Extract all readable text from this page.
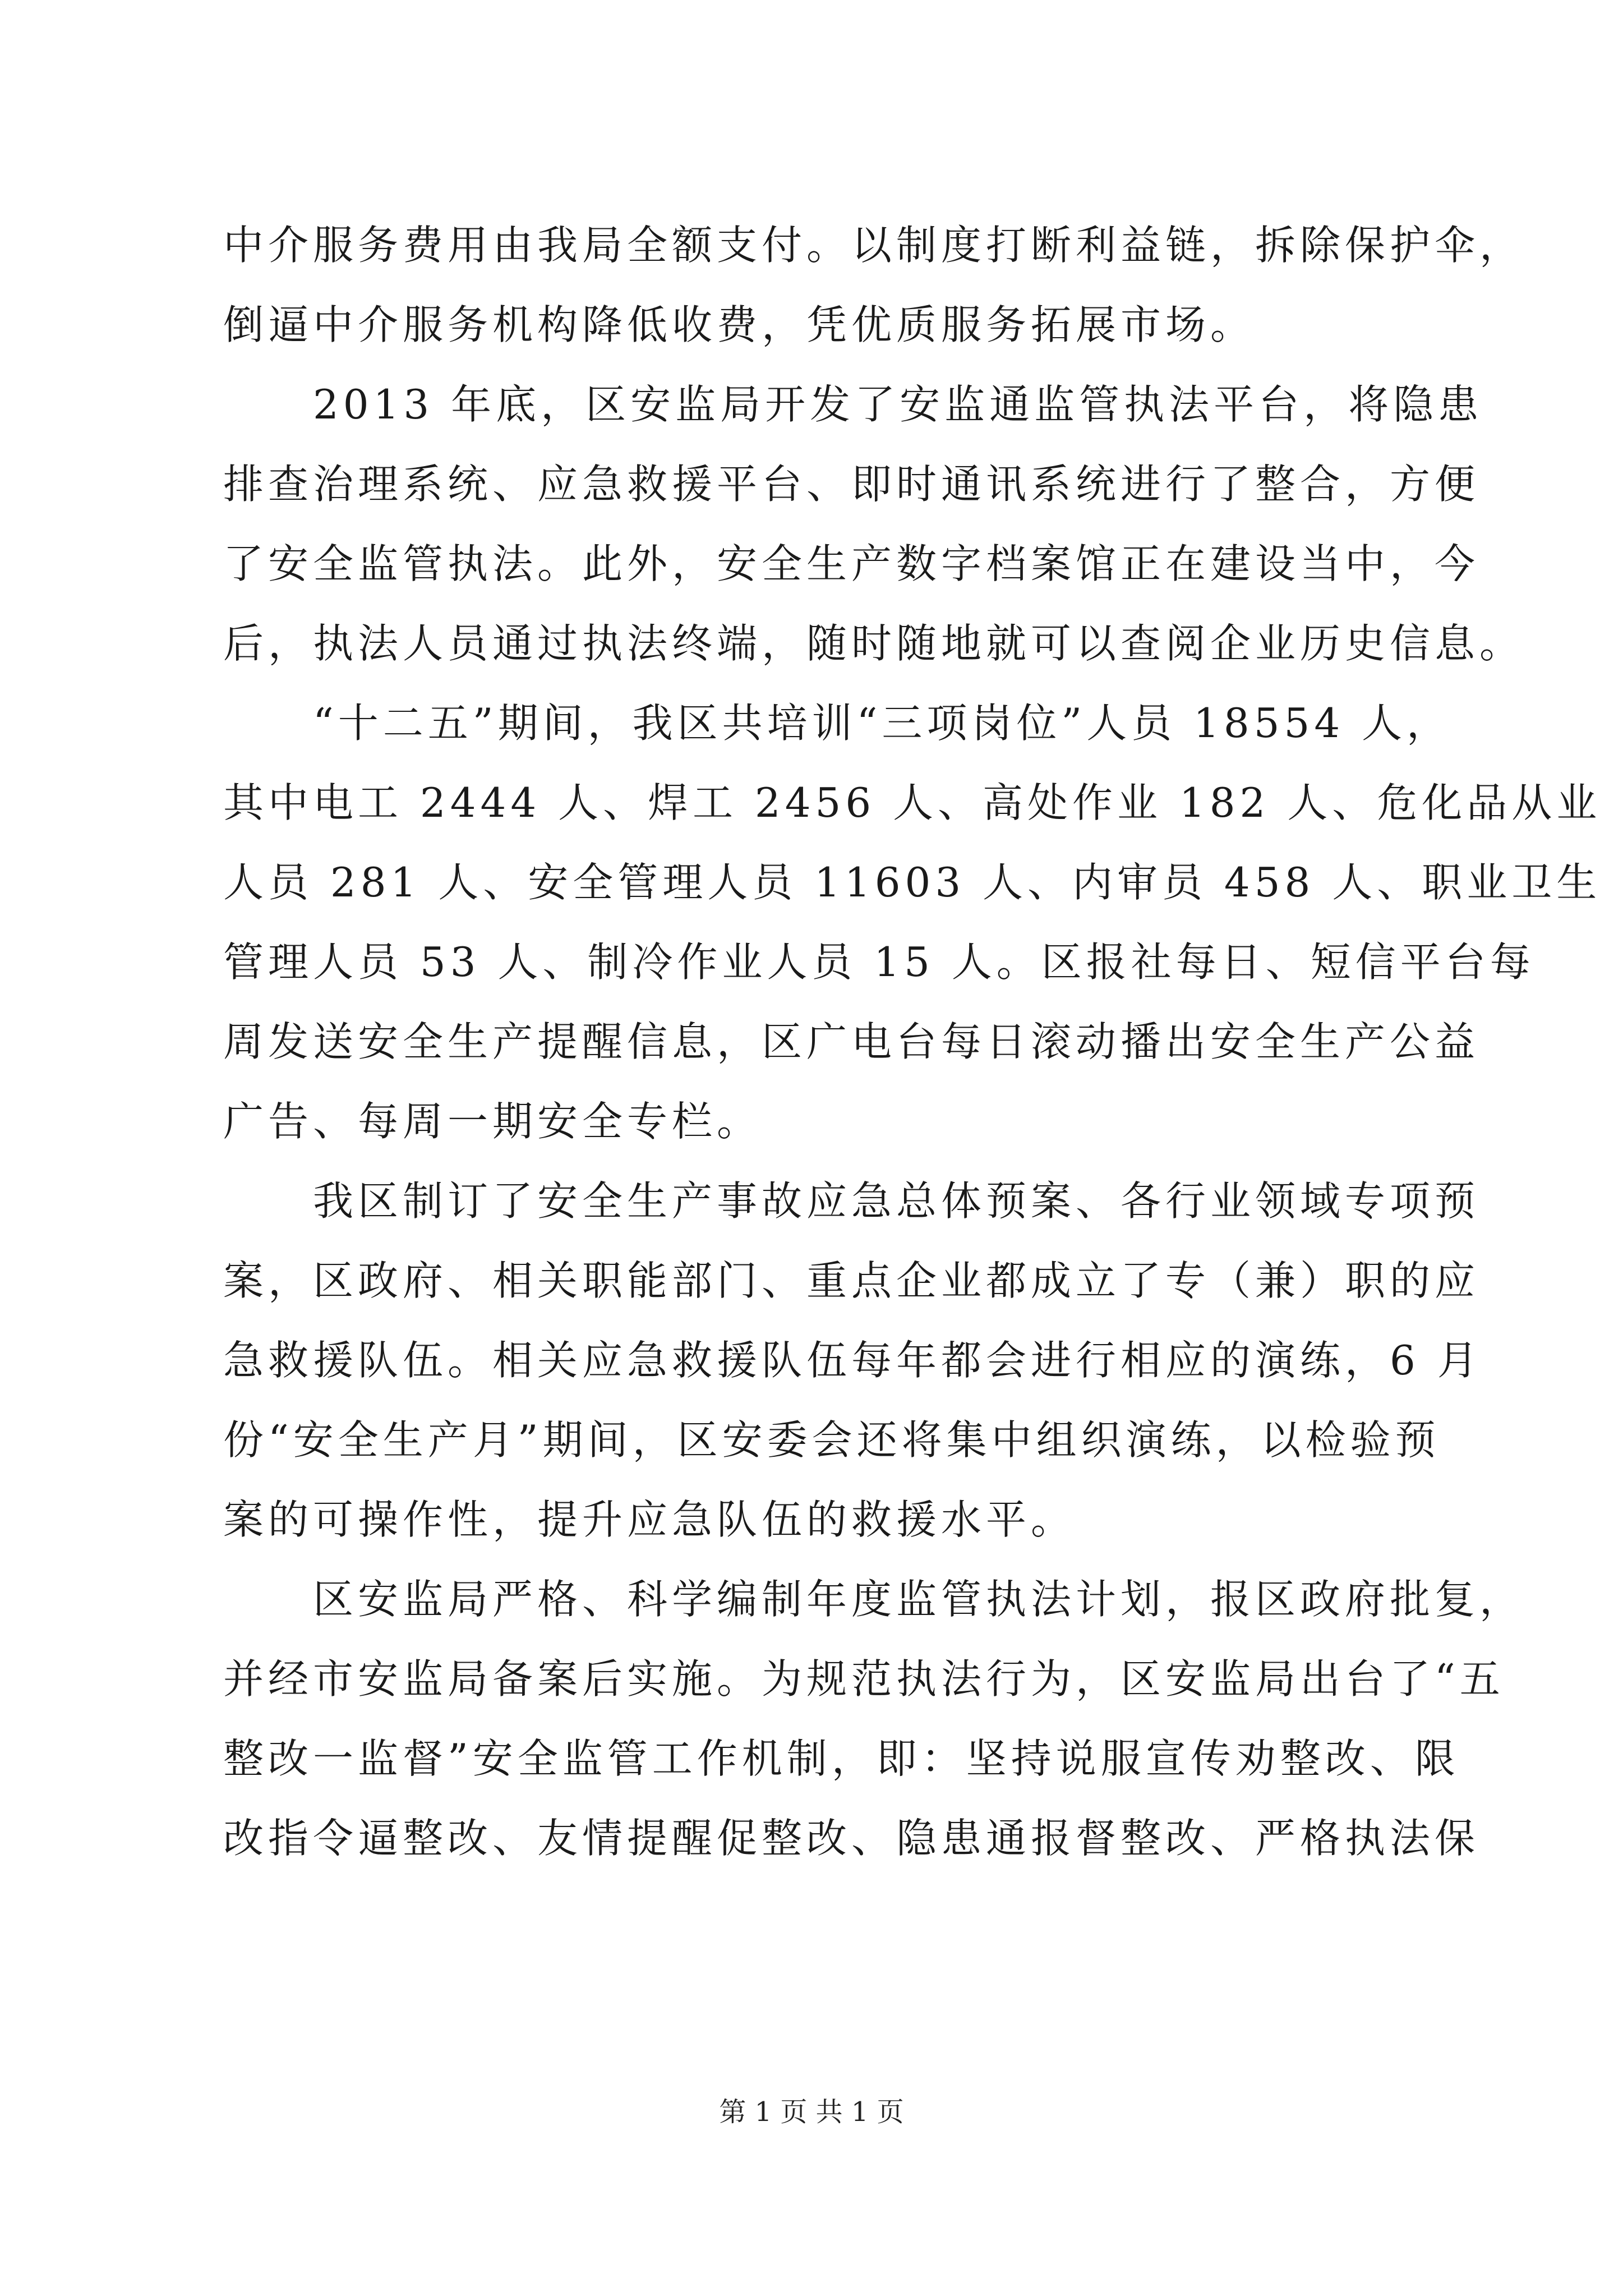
中介服务费用由我局全额支付。以制度打断利益链，拆除保护伞，
倒逼中介服务机构降低收费，凭优质服务拓展市场。
2013 年底，区安监局开发了安监通监管执法平台，将隐患
排查治理系统、应急救援平台、即时通讯系统进行了整合，方便
了安全监管执法。此外，安全生产数字档案馆正在建设当中，今
后，执法人员通过执法终端，随时随地就可以查阅企业历史信息。
“十二五”期间，我区共培训“三项岗位”人员 18554 人，
其中电工 2444 人、焊工 2456 人、高处作业 182 人、危化品从业
人员 281 人、安全管理人员 11603 人、内审员 458 人、职业卫生
管理人员 53 人、制冷作业人员 15 人。区报社每日、短信平台每
周发送安全生产提醒信息，区广电台每日滚动播出安全生产公益
广告、每周一期安全专栏。
我区制订了安全生产事故应急总体预案、各行业领域专项预
案，区政府、相关职能部门、重点企业都成立了专（兼）职的应
急救援队伍。相关应急救援队伍每年都会进行相应的演练，6 月
份“安全生产月”期间，区安委会还将集中组织演练，以检验预
案的可操作性，提升应急队伍的救援水平。
区安监局严格、科学编制年度监管执法计划，报区政府批复，
并经市安监局备案后实施。为规范执法行为，区安监局出台了“五
整改一监督”安全监管工作机制，即：坚持说服宣传劝整改、限
改指令逼整改、友情提醒促整改、隐患通报督整改、严格执法保
第 1 页 共 1 页
